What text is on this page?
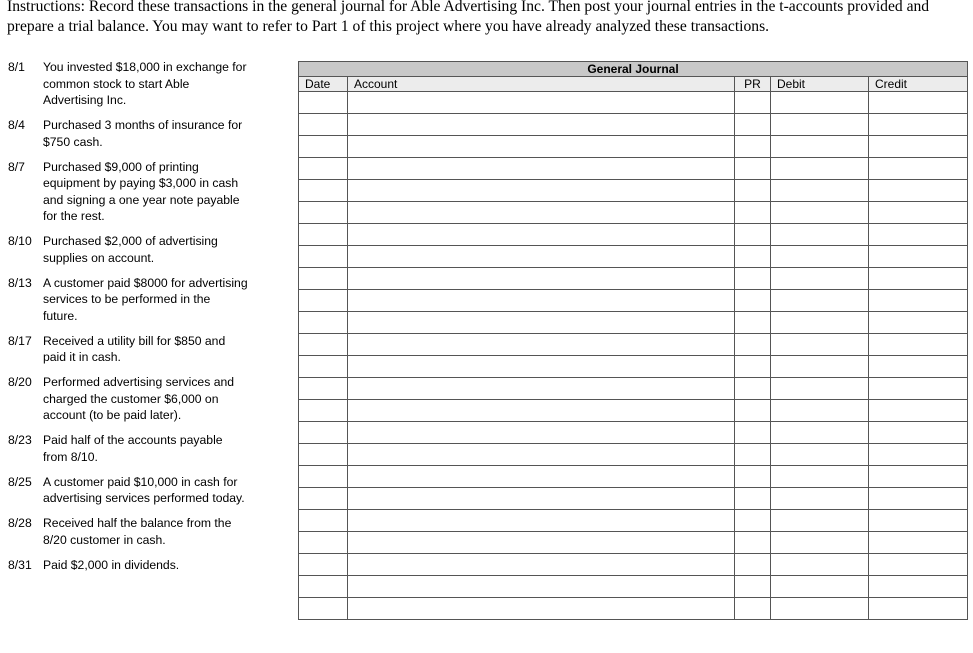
Instructions: Record these transactions in the general journal for Able Advertising Inc. Then post your journal entries in the t-accounts provided and prepare a trial balance. You may want to refer to Part 1 of this project where you have already analyzed these transactions.
8/1 You invested $18,000 in exchange for common stock to start Able Advertising Inc.
8/4 Purchased 3 months of insurance for $750 cash.
8/7 Purchased $9,000 of printing equipment by paying $3,000 in cash and signing a one year note payable for the rest.
8/10 Purchased $2,000 of advertising supplies on account.
8/13 A customer paid $8000 for advertising services to be performed in the future.
8/17 Received a utility bill for $850 and paid it in cash.
8/20 Performed advertising services and charged the customer $6,000 on account (to be paid later).
8/23 Paid half of the accounts payable from 8/10.
8/25 A customer paid $10,000 in cash for advertising services performed today.
8/28 Received half the balance from the 8/20 customer in cash.
8/31 Paid $2,000 in dividends.
General Journal				
Date	Account	PR	Debit	Credit
